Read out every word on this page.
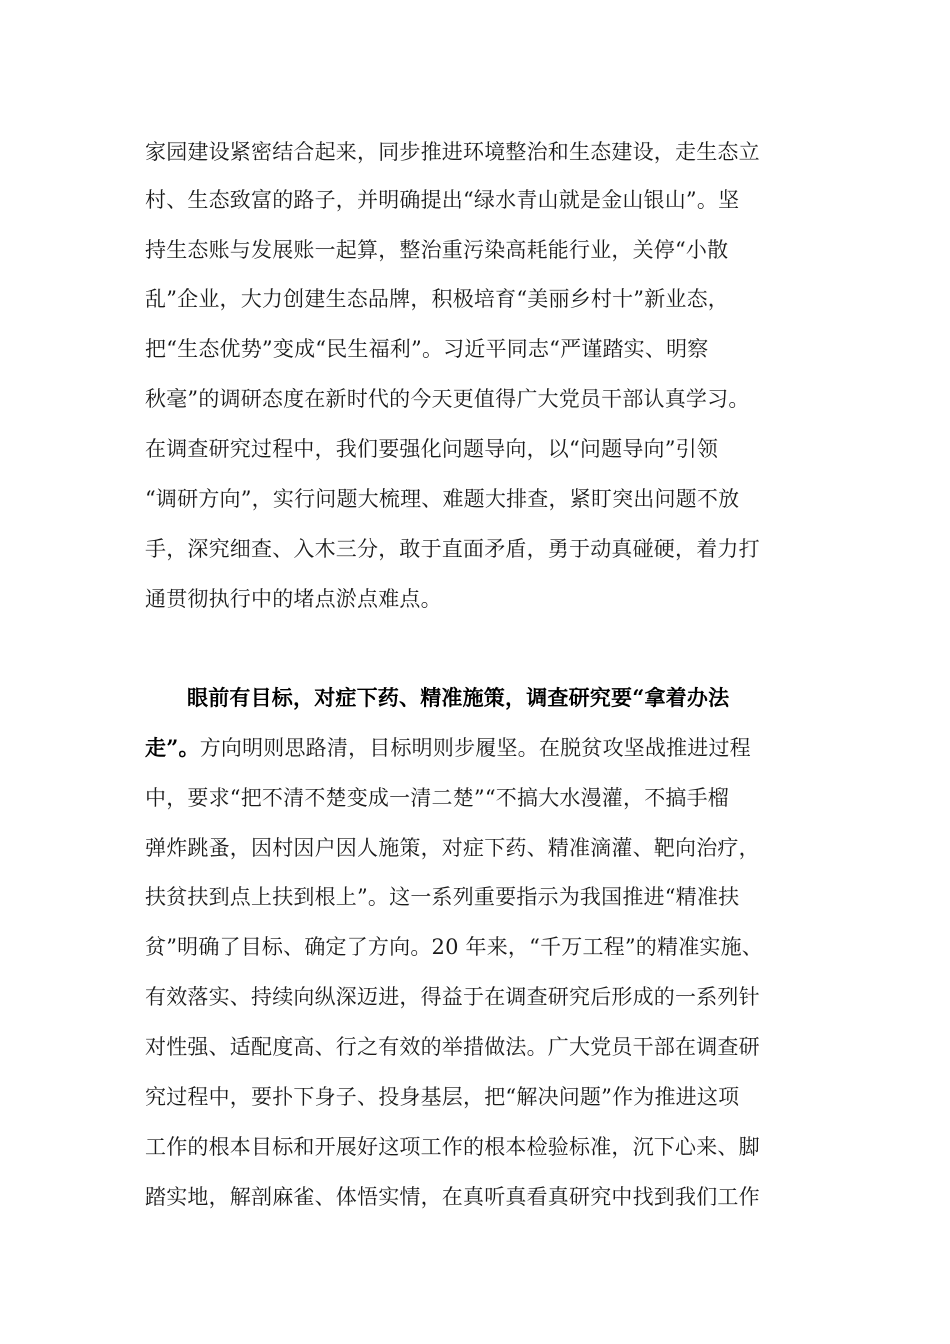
家园建设紧密结合起来，同步推进环境整治和生态建设，走生态立
村、生态致富的路子，并明确提出“绿水青山就是金山银山”。坚
持生态账与发展账一起算，整治重污染高耗能行业，关停“小散
乱”企业，大力创建生态品牌，积极培育“美丽乡村十”新业态，
把“生态优势”变成“民生福利”。习近平同志“严谨踏实、明察
秋毫”的调研态度在新时代的今天更值得广大党员干部认真学习。
在调查研究过程中，我们要强化问题导向，以“问题导向”引领
“调研方向”，实行问题大梳理、难题大排查，紧盯突出问题不放
手，深究细查、入木三分，敢于直面矛盾，勇于动真碰硬，着力打
通贯彻执行中的堵点淤点难点。
眼前有目标，对症下药、精准施策，调查研究要“拿着办法
走”。方向明则思路清，目标明则步履坚。在脱贫攻坚战推进过程
中，要求“把不清不楚变成一清二楚”“不搞大水漫灌，不搞手榴
弹炸跳蚤，因村因户因人施策，对症下药、精准滴灌、靶向治疗，
扶贫扶到点上扶到根上”。这一系列重要指示为我国推进“精准扶
贫”明确了目标、确定了方向。20 年来，“千万工程”的精准实施、
有效落实、持续向纵深迈进，得益于在调查研究后形成的一系列针
对性强、适配度高、行之有效的举措做法。广大党员干部在调查研
究过程中，要扑下身子、投身基层，把“解决问题”作为推进这项
工作的根本目标和开展好这项工作的根本检验标准，沉下心来、脚
踏实地，解剖麻雀、体悟实情，在真听真看真研究中找到我们工作
